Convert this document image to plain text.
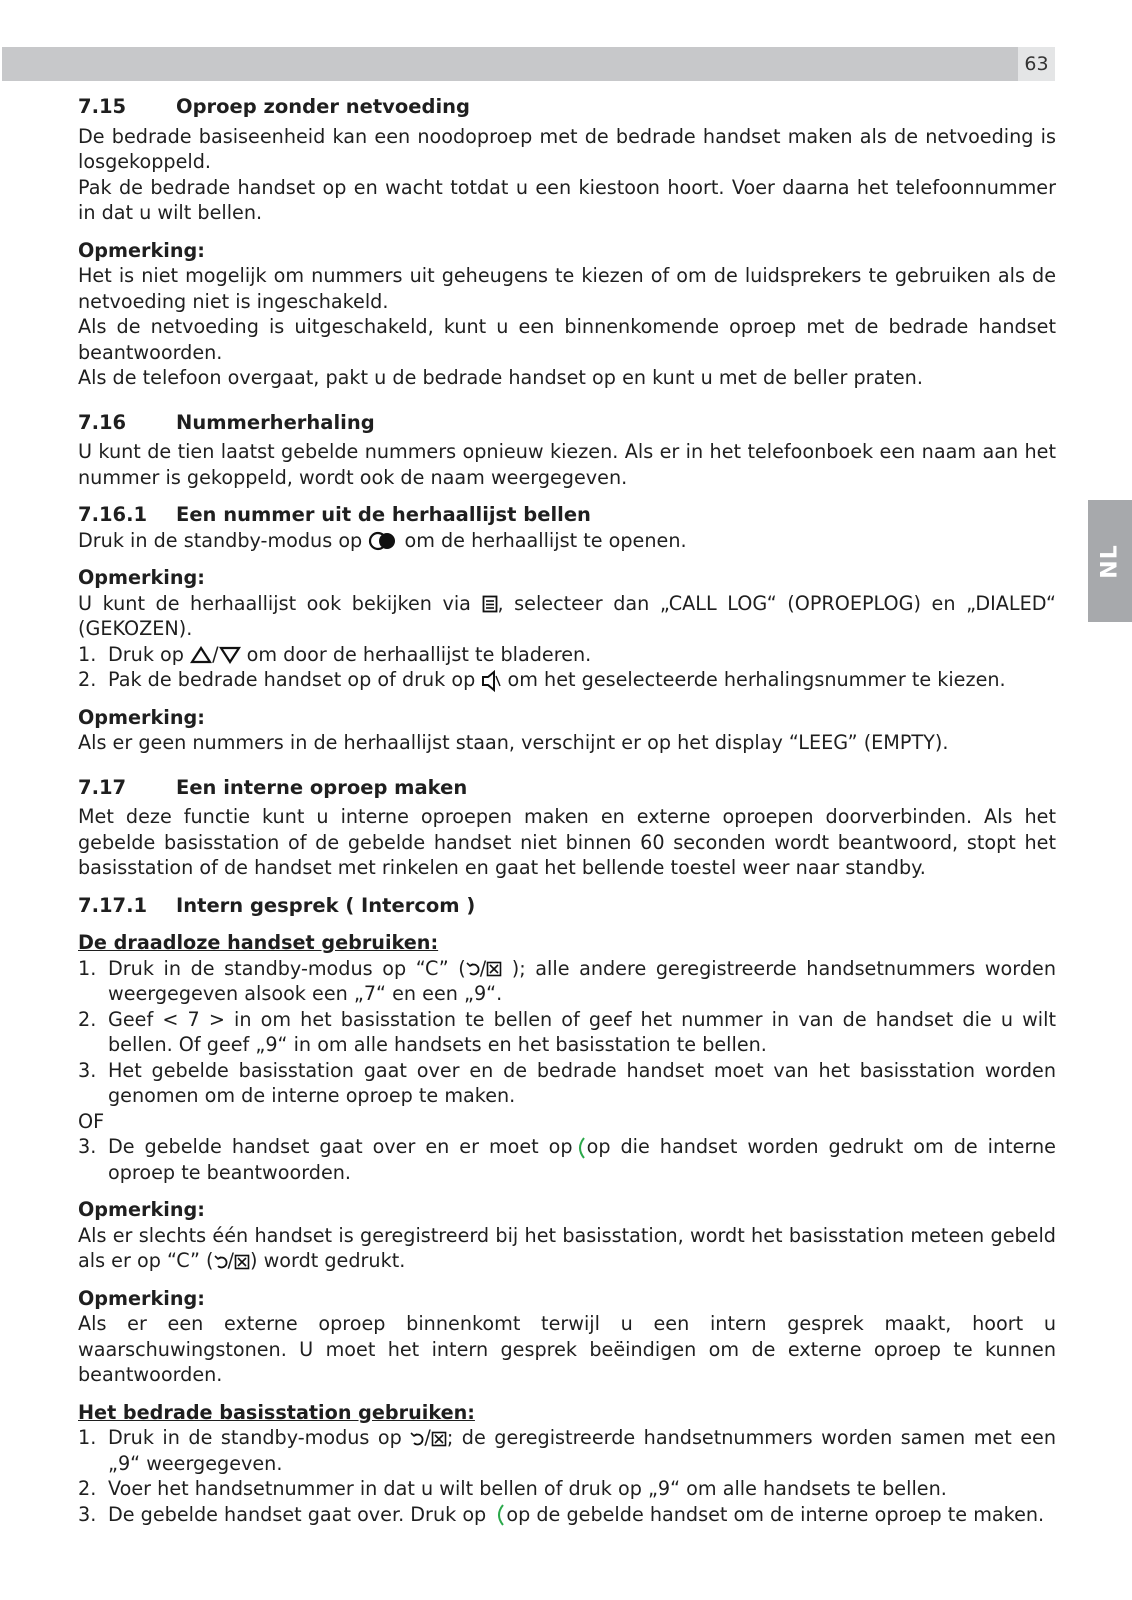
63
NL
7.15	Oproep zonder netvoeding

De bedrade basiseenheid kan een noodoproep met de bedrade handset maken als de netvoeding is losgekoppeld.

Pak de bedrade handset op en wacht totdat u een kiestoon hoort. Voer daarna het telefoonnummer in dat u wilt bellen.

Opmerking:

Het is niet mogelijk om nummers uit geheugens te kiezen of om de luidsprekers te gebruiken als de netvoeding niet is ingeschakeld.

Als de netvoeding is uitgeschakeld, kunt u een binnenkomende oproep met de bedrade handset beantwoorden.

Als de telefoon overgaat, pakt u de bedrade handset op en kunt u met de beller praten.

7.16	Nummerherhaling

U kunt de tien laatst gebelde nummers opnieuw kiezen. Als er in het telefoonboek een naam aan het nummer is gekoppeld, wordt ook de naam weergegeven.

7.16.1	Een nummer uit de herhaallijst bellen

Druk in de standby-modus op om de herhaallijst te openen.

Opmerking:

U kunt de herhaallijst ook bekijken via , selecteer dan „CALL LOG“ (OPROEPLOG) en „DIALED“ (GEKOZEN).

1. Druk op / om door de herhaallijst te bladeren.
2. Pak de bedrade handset op of druk op om het geselecteerde herhalingsnummer te kiezen.

Opmerking:

Als er geen nummers in de herhaallijst staan, verschijnt er op het display “LEEG” (EMPTY).

7.17	Een interne oproep maken

Met deze functie kunt u interne oproepen maken en externe oproepen doorverbinden. Als het gebelde basisstation of de gebelde handset niet binnen 60 seconden wordt beantwoord, stopt het basisstation of de handset met rinkelen en gaat het bellende toestel weer naar standby.

7.17.1	Intern gesprek ( Intercom )

De draadloze handset gebruiken:

1. Druk in de standby-modus op “C” ( / ); alle andere geregistreerde handsetnummers worden weergegeven alsook een „7“ en een „9“.
2. Geef < 7 > in om het basisstation te bellen of geef het nummer in van de handset die u wilt bellen. Of geef „9“ in om alle handsets en het basisstation te bellen.
3. Het gebelde basisstation gaat over en de bedrade handset moet van het basisstation worden genomen om de interne oproep te maken.

OF

3. De gebelde handset gaat over en er moet op op die handset worden gedrukt om de interne oproep te beantwoorden.

Opmerking:

Als er slechts één handset is geregistreerd bij het basisstation, wordt het basisstation meteen gebeld als er op “C” ( / ) wordt gedrukt.

Opmerking:

Als er een externe oproep binnenkomt terwijl u een intern gesprek maakt, hoort u waarschuwingstonen. U moet het intern gesprek beëindigen om de externe oproep te kunnen beantwoorden.

Het bedrade basisstation gebruiken:

1. Druk in de standby-modus op / ; de geregistreerde handsetnummers worden samen met een „9“ weergegeven.
2. Voer het handsetnummer in dat u wilt bellen of druk op „9“ om alle handsets te bellen.
3. De gebelde handset gaat over. Druk op op de gebelde handset om de interne oproep te maken.
